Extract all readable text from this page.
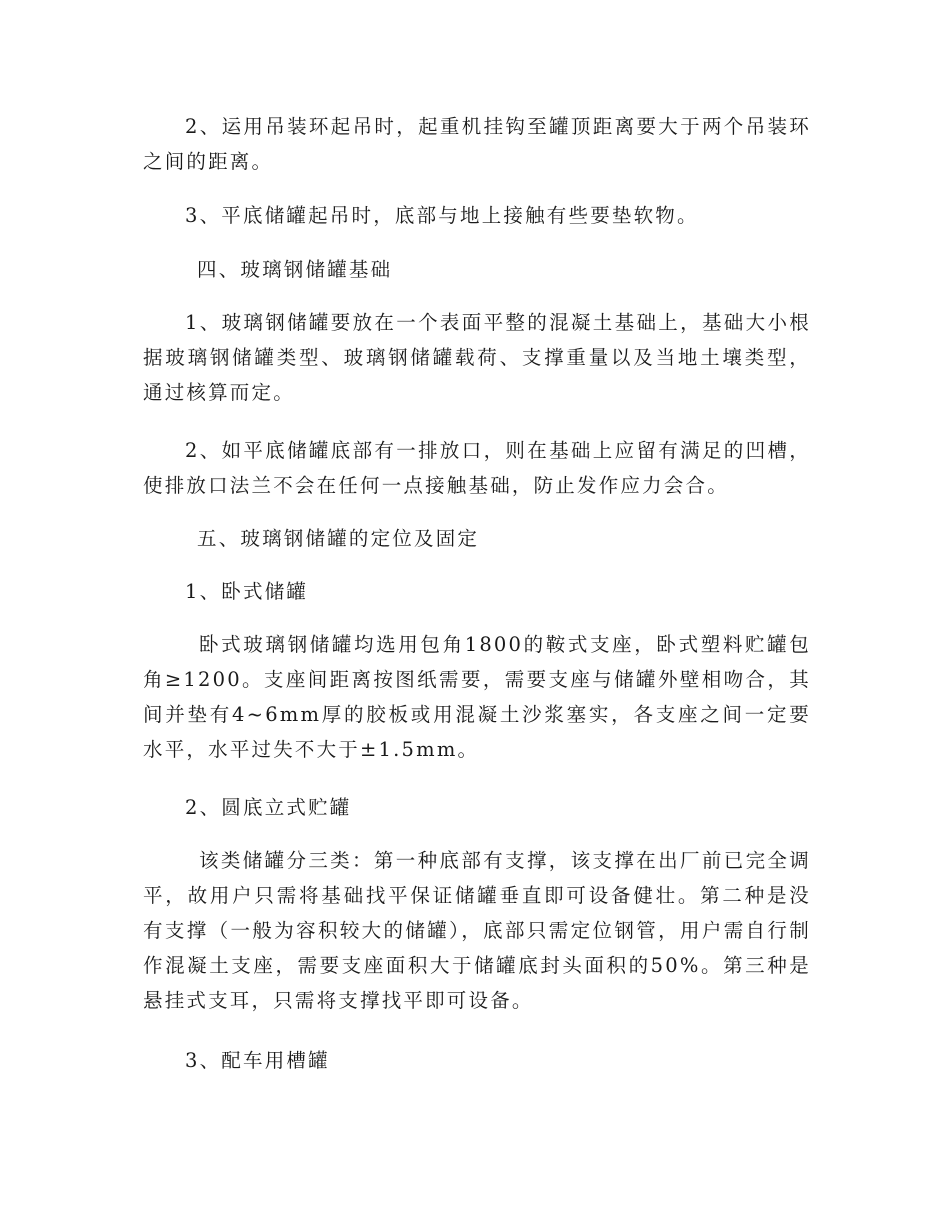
2、运用吊装环起吊时，起重机挂钩至罐顶距离要大于两个吊装环之间的距离。
3、平底储罐起吊时，底部与地上接触有些要垫软物。
四、玻璃钢储罐基础
1、玻璃钢储罐要放在一个表面平整的混凝土基础上，基础大小根据玻璃钢储罐类型、玻璃钢储罐载荷、支撑重量以及当地土壤类型，通过核算而定。
2、如平底储罐底部有一排放口，则在基础上应留有满足的凹槽，使排放口法兰不会在任何一点接触基础，防止发作应力会合。
五、玻璃钢储罐的定位及固定
1、卧式储罐
卧式玻璃钢储罐均选用包角1800的鞍式支座，卧式塑料贮罐包角≥1200。支座间距离按图纸需要，需要支座与储罐外壁相吻合，其间并垫有4~6mm厚的胶板或用混凝土沙浆塞实，各支座之间一定要水平，水平过失不大于±1.5mm。
2、圆底立式贮罐
该类储罐分三类：第一种底部有支撑，该支撑在出厂前已完全调平，故用户只需将基础找平保证储罐垂直即可设备健壮。第二种是没有支撑（一般为容积较大的储罐），底部只需定位钢管，用户需自行制作混凝土支座，需要支座面积大于储罐底封头面积的50%。第三种是悬挂式支耳，只需将支撑找平即可设备。
3、配车用槽罐
